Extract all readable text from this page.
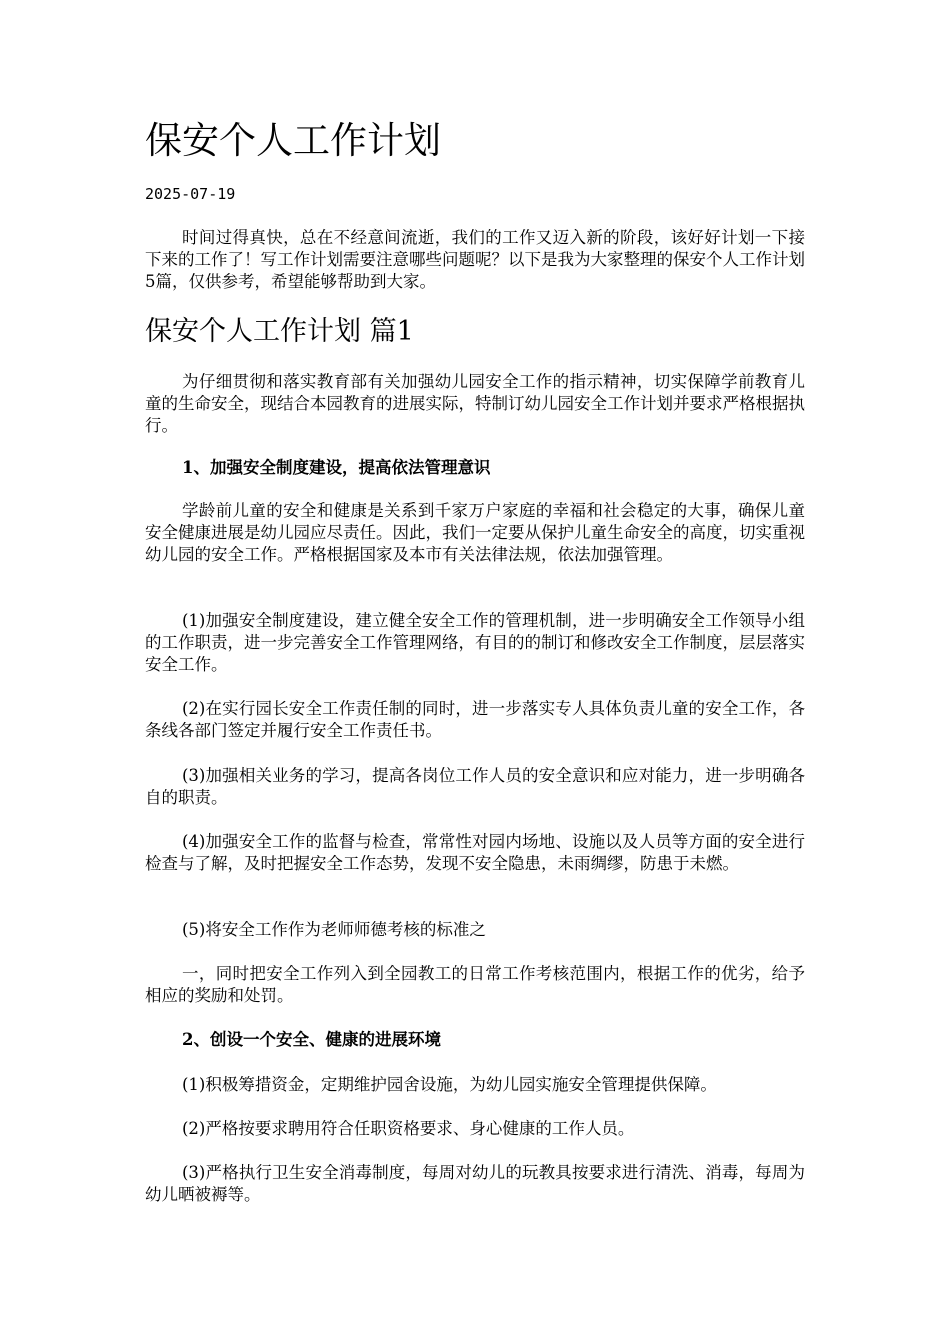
保安个人工作计划
2025-07-19

时间过得真快，总在不经意间流逝，我们的工作又迈入新的阶段，该好好计划一下接下来的工作了！写工作计划需要注意哪些问题呢？以下是我为大家整理的保安个人工作计划5篇，仅供参考，希望能够帮助到大家。

保安个人工作计划 篇1

为仔细贯彻和落实教育部有关加强幼儿园安全工作的指示精神，切实保障学前教育儿童的生命安全，现结合本园教育的进展实际，特制订幼儿园安全工作计划并要求严格根据执行。

1、加强安全制度建设，提高依法管理意识

学龄前儿童的安全和健康是关系到千家万户家庭的幸福和社会稳定的大事，确保儿童安全健康进展是幼儿园应尽责任。因此，我们一定要从保护儿童生命安全的高度，切实重视幼儿园的安全工作。严格根据国家及本市有关法律法规，依法加强管理。

(1)加强安全制度建设，建立健全安全工作的管理机制，进一步明确安全工作领导小组的工作职责，进一步完善安全工作管理网络，有目的的制订和修改安全工作制度，层层落实安全工作。

(2)在实行园长安全工作责任制的同时，进一步落实专人具体负责儿童的安全工作，各条线各部门签定并履行安全工作责任书。

(3)加强相关业务的学习，提高各岗位工作人员的安全意识和应对能力，进一步明确各自的职责。

(4)加强安全工作的监督与检查，常常性对园内场地、设施以及人员等方面的安全进行检查与了解，及时把握安全工作态势，发现不安全隐患，未雨绸缪，防患于未燃。

(5)将安全工作作为老师师德考核的标准之

一，同时把安全工作列入到全园教工的日常工作考核范围内，根据工作的优劣，给予相应的奖励和处罚。

2、创设一个安全、健康的进展环境

(1)积极筹措资金，定期维护园舍设施，为幼儿园实施安全管理提供保障。

(2)严格按要求聘用符合任职资格要求、身心健康的工作人员。

(3)严格执行卫生安全消毒制度，每周对幼儿的玩教具按要求进行清洗、消毒，每周为幼儿晒被褥等。
